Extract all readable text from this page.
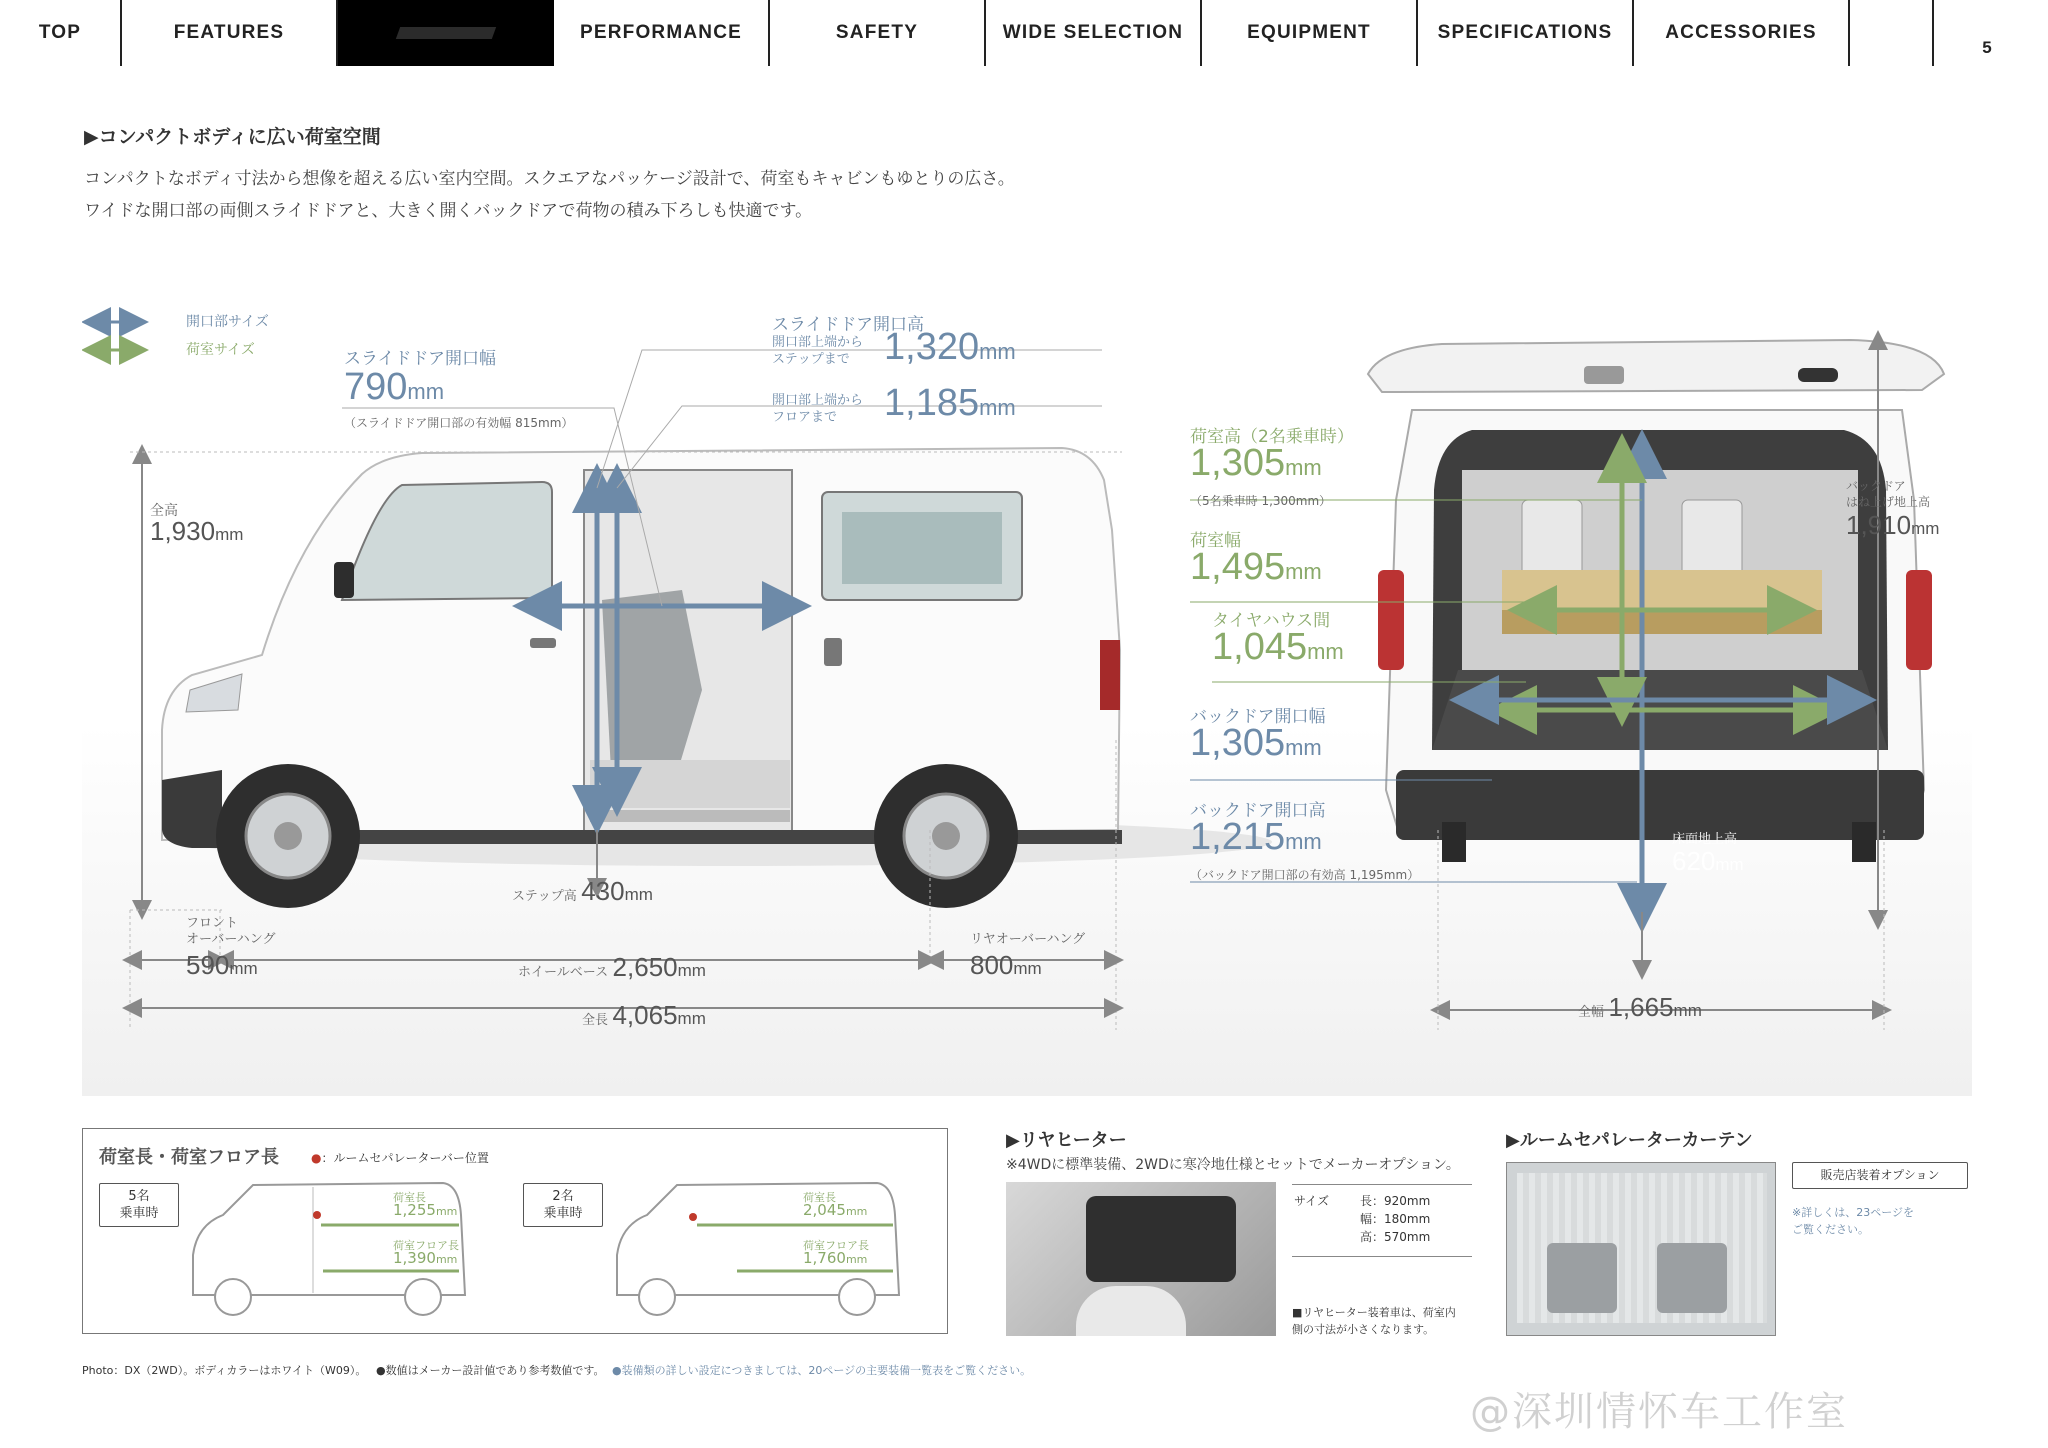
TOP	FEATURES	PERFORMANCE	SAFETY	WIDE SELECTION	EQUIPMENT	SPECIFICATIONS	ACCESSORIES
5
▶コンパクトボディに広い荷室空間
コンパクトなボディ寸法から想像を超える広い室内空間。スクエアなパッケージ設計で、荷室もキャビンもゆとりの広さ。
ワイドな開口部の両側スライドドアと、大きく開くバックドアで荷物の積み下ろしも快適です。
開口部サイズ
荷室サイズ	スライドドア開口幅
790mm
（スライドドア開口部の有効幅 815mm）
スライドドア開口高
開口部上端から
ステップまで 1,320mm
開口部上端から
フロアまで	1,185mm
全高
1,930mm
ステップ高 430mm
フロント
オーバーハング
590mm	ホイールベース 2,650mm
リヤオーバーハング
800mm
全長 4,065mm
荷室高（2名乗車時）
1,305mm
（5名乗車時 1,300mm）
荷室幅
1,495mm
タイヤハウス間
1,045mm
バックドア開口幅
1,305mm
バックドア開口高
1,215mm
（バックドア開口部の有効高 1,195mm）
バックドア
はね上げ地上高
1,910mm
床面地上高
620mm
全幅 1,665mm
荷室長・荷室フロア長	●：ルームセパレーターバー位置
5名
乗車時
荷室長
1,255mm
荷室フロア長
1,390mm
2名
乗車時
荷室長
2,045mm
荷室フロア長
1,760mm
▶リヤヒーター
※4WDに標準装備、2WDに寒冷地仕様とセットでメーカーオプション。
サイズ	長：920mm
幅：180mm
高：570mm
■リヤヒーター装着車は、荷室内
側の寸法が小さくなります。
▶ルームセパレーターカーテン
販売店装着オプション
※詳しくは、23ページを
ご覧ください。
Photo：DX（2WD）。ボディカラーはホワイト（W09）。 ●数値はメーカー設計値であり参考数値です。 ●装備類の詳しい設定につきましては、20ページの主要装備一覧表をご覧ください。
@深圳情怀车工作室
